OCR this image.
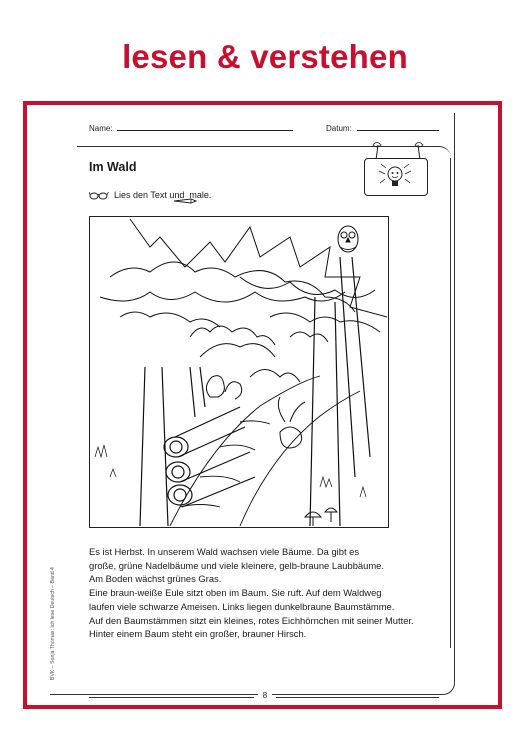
lesen & verstehen
Name:	Datum:
Im Wald
Lies den Text und  male.
Es ist Herbst. In unserem Wald wachsen viele Bäume. Da gibt es
große, grüne Nadelbäume und viele kleinere, gelb-braune Laubbäume.
Am Boden wächst grünes Gras.
Eine braun-weiße Eule sitzt oben im Baum. Sie ruft. Auf dem Waldweg
laufen viele schwarze Ameisen. Links liegen dunkelbraune Baumstämme.
Auf den Baumstämmen sitzt ein kleines, rotes Eichhörnchen mit seiner Mutter.
Hinter einem Baum steht ein großer, brauner Hirsch.
BVK – Sonja Thomas: Ich lese Deutsch – Band 4
8
